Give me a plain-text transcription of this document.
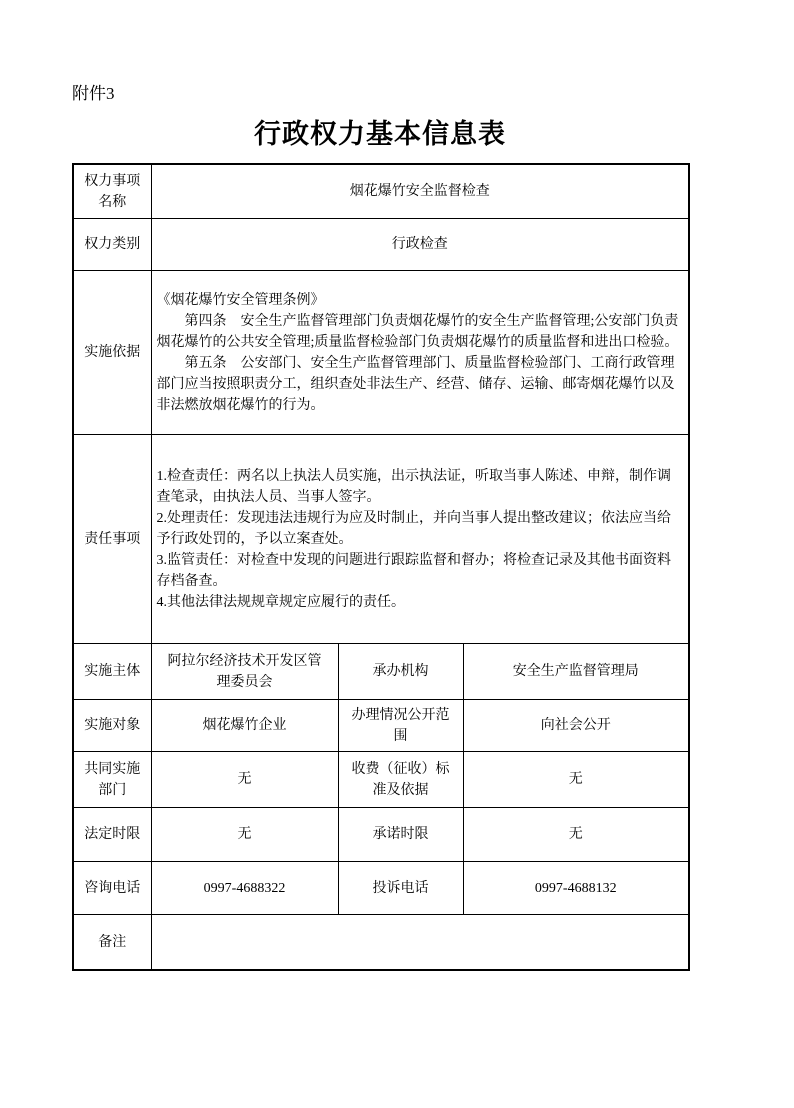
附件3
行政权力基本信息表
权力事项名称	烟花爆竹安全监督检查		
权力类别	行政检查		
实施依据	《烟花爆竹安全管理条例》

第四条　安全生产监督管理部门负责烟花爆竹的安全生产监督管理;公安部门负责烟花爆竹的公共安全管理;质量监督检验部门负责烟花爆竹的质量监督和进出口检验。

第五条　公安部门、安全生产监督管理部门、质量监督检验部门、工商行政管理部门应当按照职责分工，组织查处非法生产、经营、储存、运输、邮寄烟花爆竹以及非法燃放烟花爆竹的行为。		

责任事项	1.检查责任：两名以上执法人员实施，出示执法证，听取当事人陈述、申辩，制作调查笔录，由执法人员、当事人签字。

2.处理责任：发现违法违规行为应及时制止，并向当事人提出整改建议；依法应当给予行政处罚的，予以立案查处。

3.监管责任：对检查中发现的问题进行跟踪监督和督办；将检查记录及其他书面资料存档备查。

4.其他法律法规规章规定应履行的责任。		

实施主体	阿拉尔经济技术开发区管理委员会	承办机构	安全生产监督管理局
实施对象	烟花爆竹企业	办理情况公开范围	向社会公开
共同实施部门	无	收费（征收）标准及依据	无
法定时限	无	承诺时限	无
咨询电话	0997-4688322	投诉电话	0997-4688132
备注			
